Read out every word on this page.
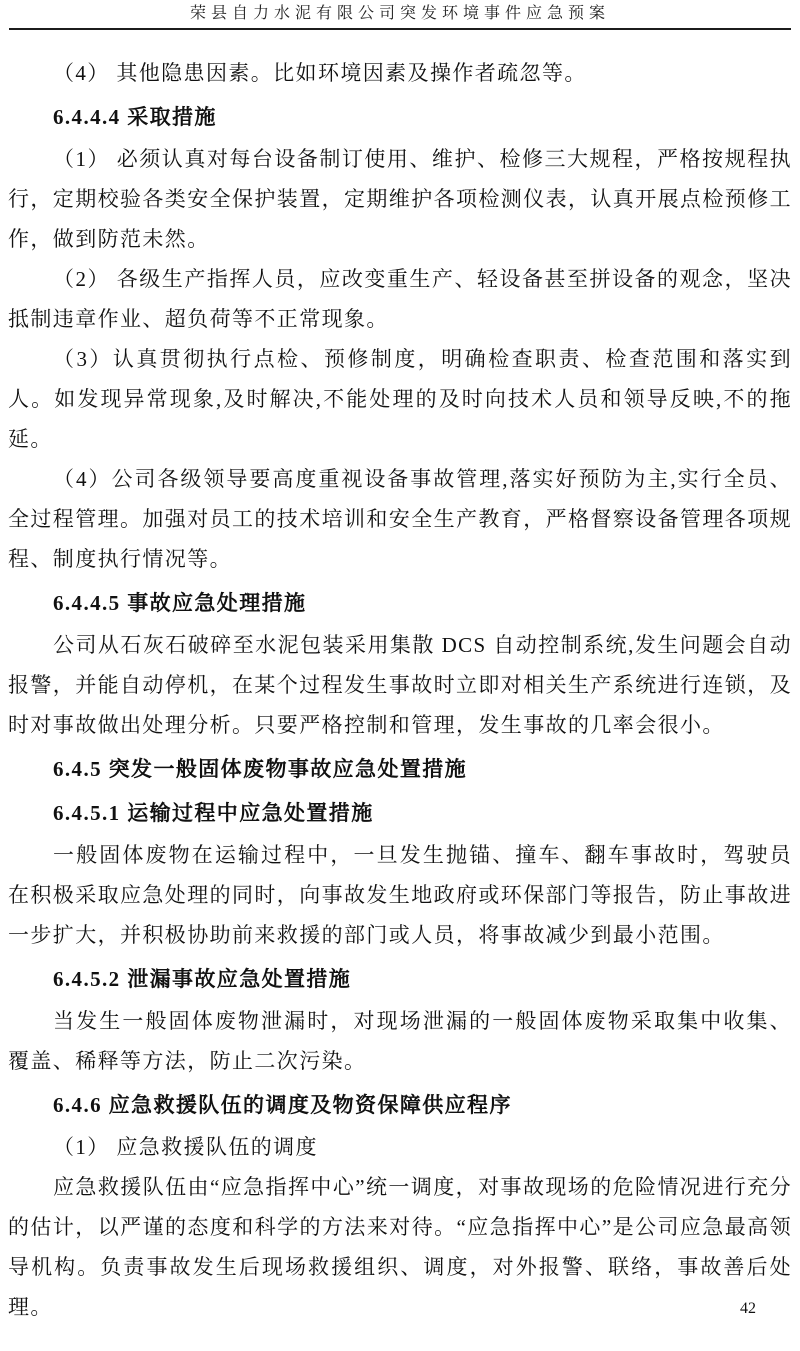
荣县自力水泥有限公司突发环境事件应急预案

（4） 其他隐患因素。比如环境因素及操作者疏忽等。

6.4.4.4 采取措施

（1） 必须认真对每台设备制订使用、维护、检修三大规程，严格按规程执行，定期校验各类安全保护装置，定期维护各项检测仪表，认真开展点检预修工作，做到防范未然。

（2） 各级生产指挥人员，应改变重生产、轻设备甚至拼设备的观念，坚决抵制违章作业、超负荷等不正常现象。

（3）认真贯彻执行点检、预修制度，明确检查职责、检查范围和落实到人。如发现异常现象,及时解决,不能处理的及时向技术人员和领导反映,不的拖延。

（4）公司各级领导要高度重视设备事故管理,落实好预防为主,实行全员、全过程管理。加强对员工的技术培训和安全生产教育，严格督察设备管理各项规程、制度执行情况等。

6.4.4.5 事故应急处理措施

公司从石灰石破碎至水泥包装采用集散 DCS 自动控制系统,发生问题会自动报警，并能自动停机，在某个过程发生事故时立即对相关生产系统进行连锁，及时对事故做出处理分析。只要严格控制和管理，发生事故的几率会很小。

6.4.5 突发一般固体废物事故应急处置措施
6.4.5.1 运输过程中应急处置措施

一般固体废物在运输过程中，一旦发生抛锚、撞车、翻车事故时，驾驶员在积极采取应急处理的同时，向事故发生地政府或环保部门等报告，防止事故进一步扩大，并积极协助前来救援的部门或人员，将事故减少到最小范围。

6.4.5.2 泄漏事故应急处置措施

当发生一般固体废物泄漏时，对现场泄漏的一般固体废物采取集中收集、覆盖、稀释等方法，防止二次污染。

6.4.6 应急救援队伍的调度及物资保障供应程序

（1） 应急救援队伍的调度

应急救援队伍由“应急指挥中心”统一调度，对事故现场的危险情况进行充分的估计，以严谨的态度和科学的方法来对待。“应急指挥中心”是公司应急最高领导机构。负责事故发生后现场救援组织、调度，对外报警、联络，事故善后处理。	42
